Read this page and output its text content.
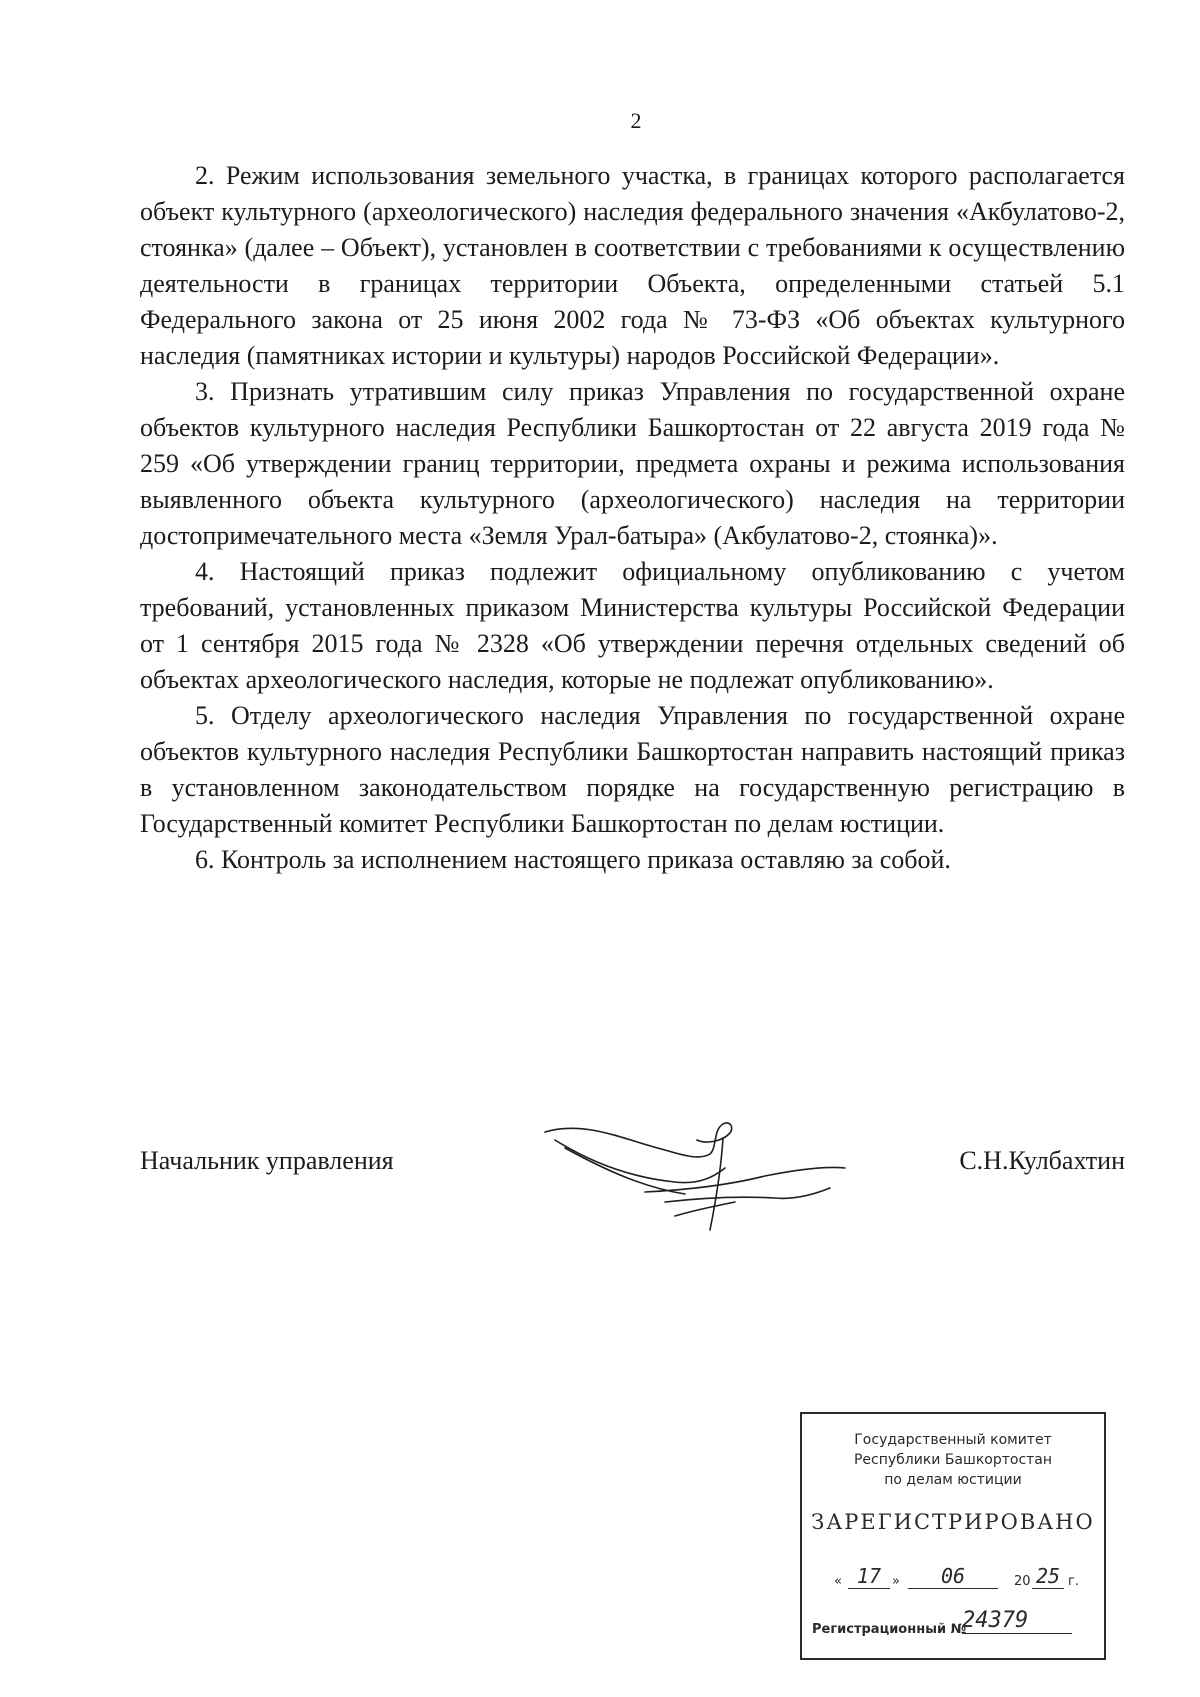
2

2. Режим использования земельного участка, в границах которого располагается объект культурного (археологического) наследия федерального значения «Акбулатово-2, стоянка» (далее – Объект), установлен в соответствии с требованиями к осуществлению деятельности в границах территории Объекта, определенными статьей 5.1 Федерального закона от 25 июня 2002 года № 73-ФЗ «Об объектах культурного наследия (памятниках истории и культуры) народов Российской Федерации».

3. Признать утратившим силу приказ Управления по государственной охране объектов культурного наследия Республики Башкортостан от 22 августа 2019 года № 259 «Об утверждении границ территории, предмета охраны и режима использования выявленного объекта культурного (археологического) наследия на территории достопримечательного места «Земля Урал-батыра» (Акбулатово-2, стоянка)».

4. Настоящий приказ подлежит официальному опубликованию с учетом требований, установленных приказом Министерства культуры Российской Федерации от 1 сентября 2015 года № 2328 «Об утверждении перечня отдельных сведений об объектах археологического наследия, которые не подлежат опубликованию».

5. Отделу археологического наследия Управления по государственной охране объектов культурного наследия Республики Башкортостан направить настоящий приказ в установленном законодательством порядке на государственную регистрацию в Государственный комитет Республики Башкортостан по делам юстиции.

6. Контроль за исполнением настоящего приказа оставляю за собой.

Начальник управления	С.Н.Кулбахтин
Государственный комитет
Республики Башкортостан
по делам юстиции
ЗАРЕГИСТРИРОВАНО
« 17 »	06	20 25 г.
Регистрационный №
24379
